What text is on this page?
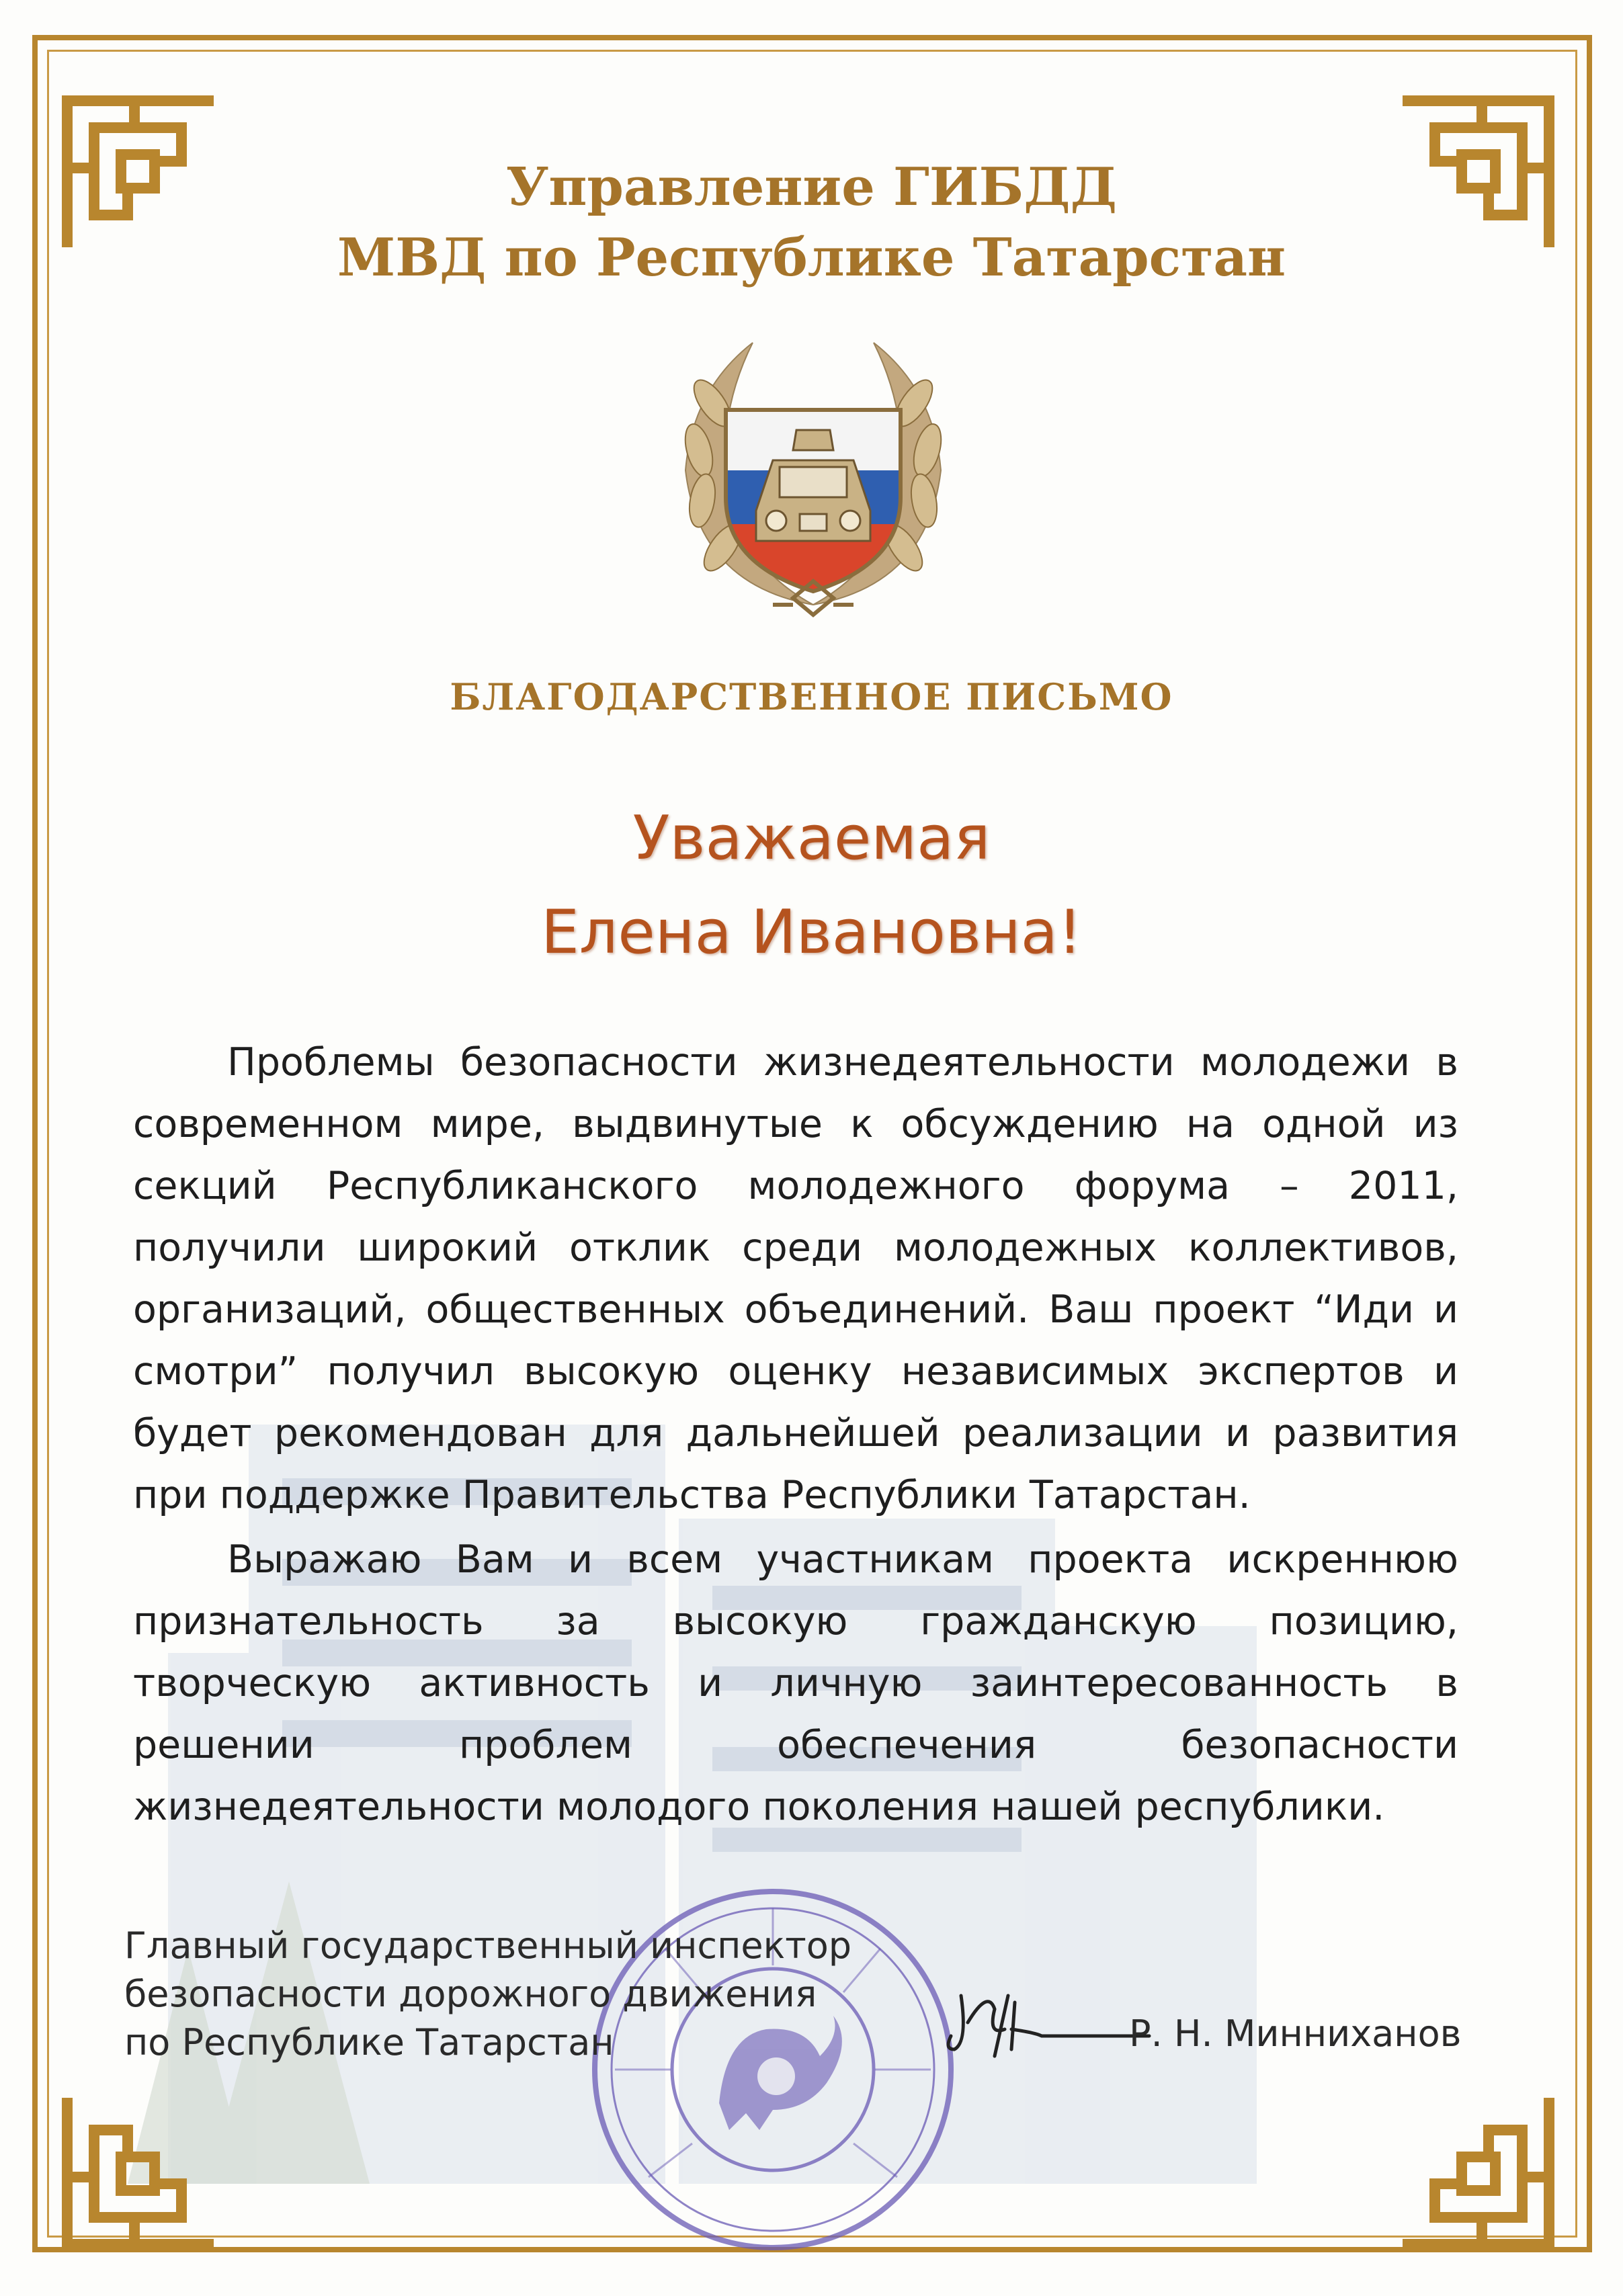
Управление ГИБДД
МВД по Республике Татарстан
БЛАГОДАРСТВЕННОЕ ПИСЬМО
Уважаемая
Елена Ивановна!
Проблемы безопасности жизнедеятельности молодежи в современном мире, выдвинутые к обсуждению на одной из секций Республиканского молодежного форума – 2011, получили широкий отклик среди молодежных коллективов, организаций, общественных объединений. Ваш проект “Иди и смотри” получил высокую оценку независимых экспертов и будет рекомендован для дальнейшей реализации и развития при поддержке Правительства Республики Татарстан.
Выражаю Вам и всем участникам проекта искреннюю признательность за высокую гражданскую позицию, творческую активность и личную заинтересованность в решении проблем обеспечения безопасности жизнедеятельности молодого поколения нашей республики.
Главный государственный инспектор
безопасности дорожного движения
по Республике Татарстан	Р. Н. Минниханов
